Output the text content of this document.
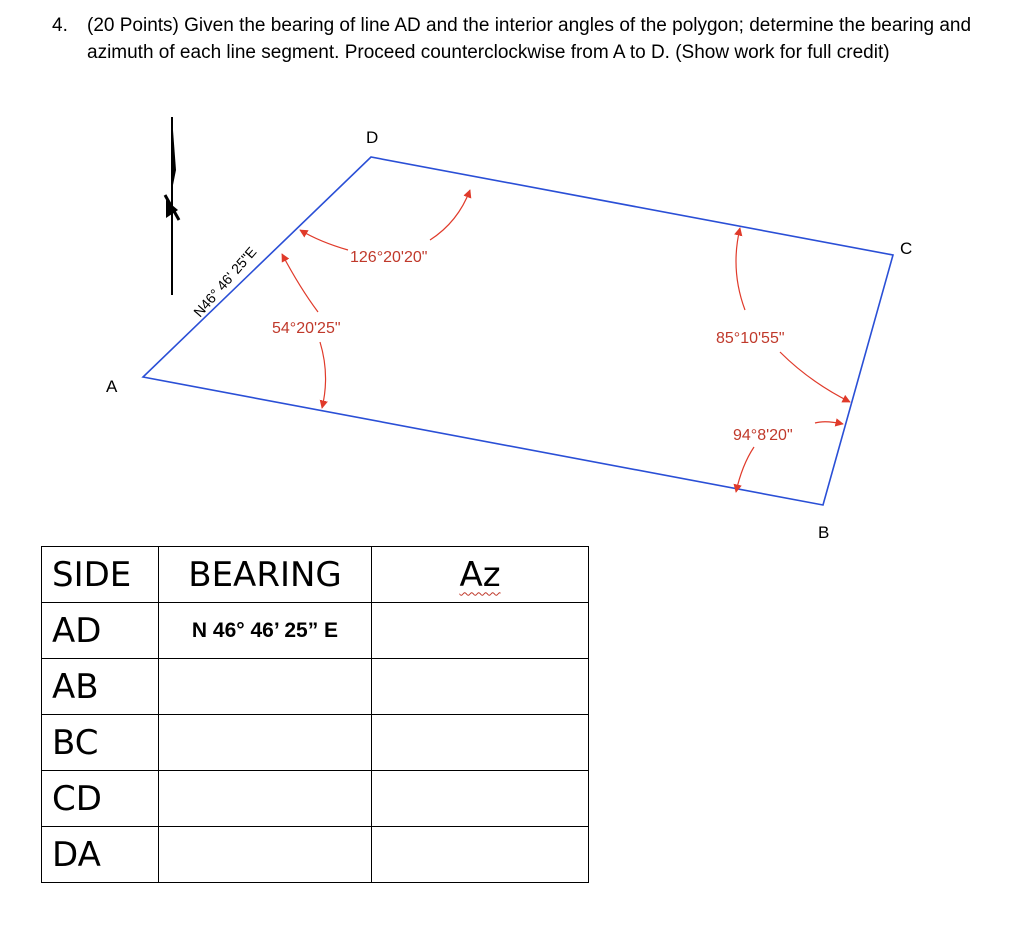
4. (20 Points) Given the bearing of line AD and the interior angles of the polygon; determine the bearing and azimuth of each line segment. Proceed counterclockwise from A to D. (Show work for full credit)
A
B
C
D
N46° 46' 25"E	126°20'20"
54°20'25"
85°10'55"
94°8'20"
SIDE	BEARING	Az
AD	N 46° 46’ 25” E	
AB		
BC		
CD		
DA		
